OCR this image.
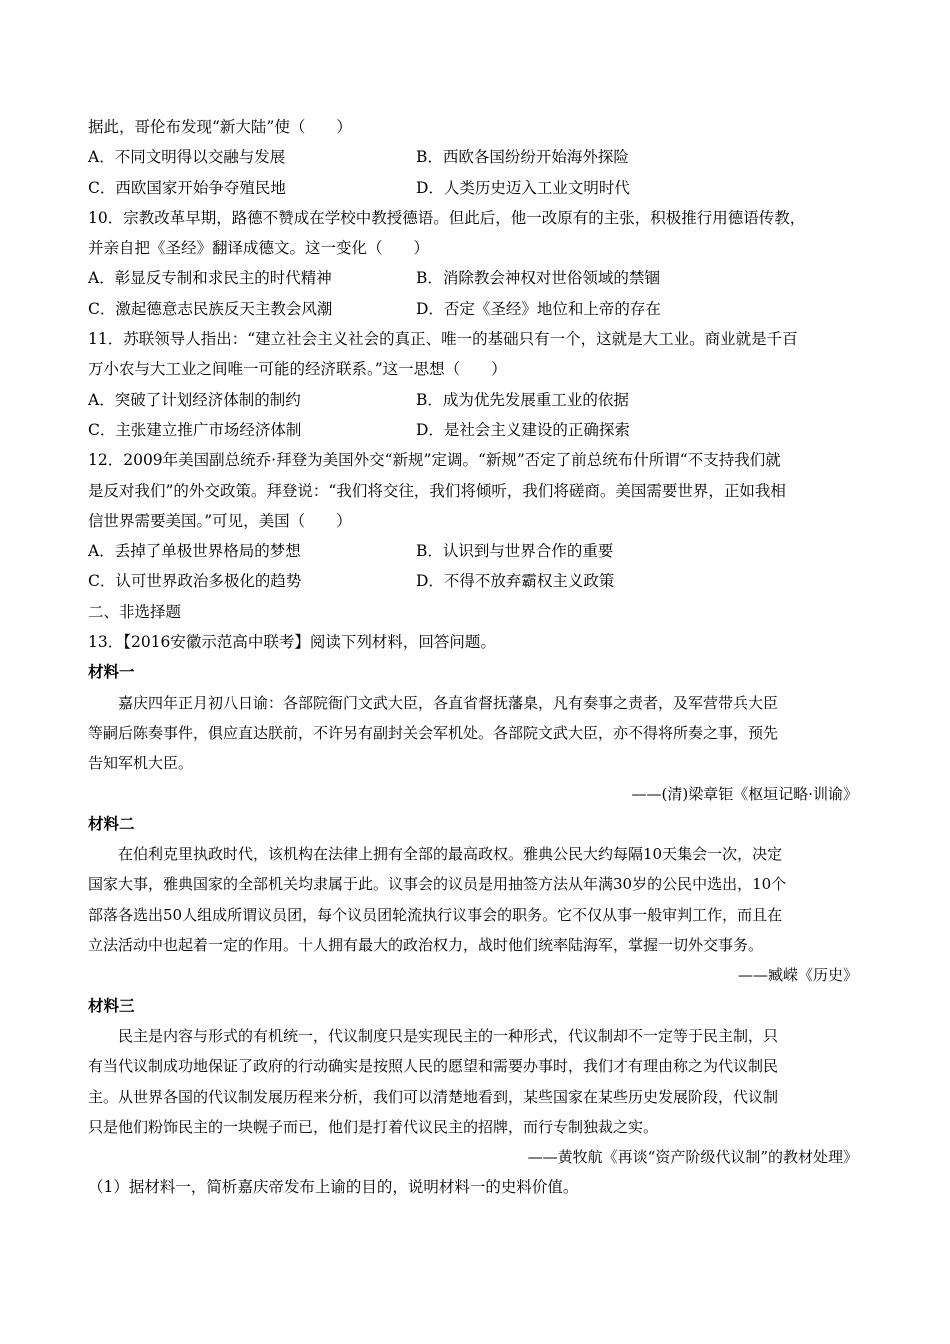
据此，哥伦布发现“新大陆”使（　　）
A．不同文明得以交融与发展	B．西欧各国纷纷开始海外探险
C．西欧国家开始争夺殖民地	D．人类历史迈入工业文明时代
10．宗教改革早期，路德不赞成在学校中教授德语。但此后，他一改原有的主张，积极推行用德语传教，
并亲自把《圣经》翻译成德文。这一变化（　　）
A．彰显反专制和求民主的时代精神	B．消除教会神权对世俗领域的禁锢
C．激起德意志民族反天主教会风潮	D．否定《圣经》地位和上帝的存在
11．苏联领导人指出：“建立社会主义社会的真正、唯一的基础只有一个，这就是大工业。商业就是千百
万小农与大工业之间唯一可能的经济联系。”这一思想（　　）
A．突破了计划经济体制的制约	B．成为优先发展重工业的依据
C．主张建立推广市场经济体制	D．是社会主义建设的正确探索
12．2009年美国副总统乔·拜登为美国外交“新规”定调。“新规”否定了前总统布什所谓“不支持我们就
是反对我们”的外交政策。拜登说：“我们将交往，我们将倾听，我们将磋商。美国需要世界，正如我相
信世界需要美国。”可见，美国（　　）
A．丢掉了单极世界格局的梦想	B．认识到与世界合作的重要
C．认可世界政治多极化的趋势	D．不得不放弃霸权主义政策
二、非选择题
13．【2016安徽示范高中联考】阅读下列材料，回答问题。
材料一
嘉庆四年正月初八日谕：各部院衙门文武大臣，各直省督抚藩臬，凡有奏事之责者，及军营带兵大臣
等嗣后陈奏事件，俱应直达朕前，不许另有副封关会军机处。各部院文武大臣，亦不得将所奏之事，预先
告知军机大臣。
——(清)梁章钜《枢垣记略·训谕》
材料二
在伯利克里执政时代，该机构在法律上拥有全部的最高政权。雅典公民大约每隔10天集会一次，决定
国家大事，雅典国家的全部机关均隶属于此。议事会的议员是用抽签方法从年满30岁的公民中选出，10个
部落各选出50人组成所谓议员团，每个议员团轮流执行议事会的职务。它不仅从事一般审判工作，而且在
立法活动中也起着一定的作用。十人拥有最大的政治权力，战时他们统率陆海军，掌握一切外交事务。
——臧嵘《历史》
材料三
民主是内容与形式的有机统一，代议制度只是实现民主的一种形式，代议制却不一定等于民主制，只
有当代议制成功地保证了政府的行动确实是按照人民的愿望和需要办事时，我们才有理由称之为代议制民
主。从世界各国的代议制发展历程来分析，我们可以清楚地看到，某些国家在某些历史发展阶段，代议制
只是他们粉饰民主的一块幌子而已，他们是打着代议民主的招牌，而行专制独裁之实。
——黄牧航《再谈“资产阶级代议制”的教材处理》
（1）据材料一，简析嘉庆帝发布上谕的目的，说明材料一的史料价值。
